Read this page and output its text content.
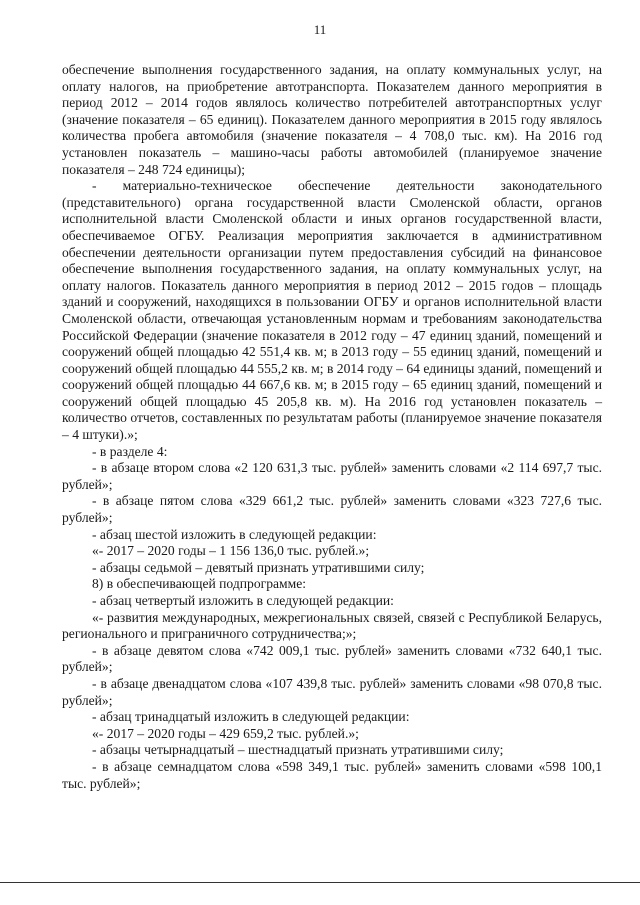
11

обеспечение выполнения государственного задания, на оплату коммунальных услуг, на оплату налогов, на приобретение автотранспорта. Показателем данного мероприятия в период 2012 – 2014 годов являлось количество потребителей автотранспортных услуг (значение показателя – 65 единиц). Показателем данного мероприятия в 2015 году являлось количества пробега автомобиля (значение показателя – 4 708,0 тыс. км). На 2016 год установлен показатель – машино-часы работы автомобилей (планируемое значение показателя – 248 724 единицы);

- материально-техническое обеспечение деятельности законодательного (представительного) органа государственной власти Смоленской области, органов исполнительной власти Смоленской области и иных органов государственной власти, обеспечиваемое ОГБУ. Реализация мероприятия заключается в административном обеспечении деятельности организации путем предоставления субсидий на финансовое обеспечение выполнения государственного задания, на оплату коммунальных услуг, на оплату налогов. Показатель данного мероприятия в период 2012 – 2015 годов – площадь зданий и сооружений, находящихся в пользовании ОГБУ и органов исполнительной власти Смоленской области, отвечающая установленным нормам и требованиям законодательства Российской Федерации (значение показателя в 2012 году – 47 единиц зданий, помещений и сооружений общей площадью 42 551,4 кв. м; в 2013 году – 55 единиц зданий, помещений и сооружений общей площадью 44 555,2 кв. м; в 2014 году – 64 единицы зданий, помещений и сооружений общей площадью 44 667,6 кв. м; в 2015 году – 65 единиц зданий, помещений и сооружений общей площадью 45 205,8 кв. м). На 2016 год установлен показатель – количество отчетов, составленных по результатам работы (планируемое значение показателя – 4 штуки).»;

- в разделе 4:

- в абзаце втором слова «2 120 631,3 тыс. рублей» заменить словами «2 114 697,7 тыс. рублей»;

- в абзаце пятом слова «329 661,2 тыс. рублей» заменить словами «323 727,6 тыс. рублей»;

- абзац шестой изложить в следующей редакции:

«- 2017 – 2020 годы – 1 156 136,0 тыс. рублей.»;

- абзацы седьмой – девятый признать утратившими силу;

8) в обеспечивающей подпрограмме:

- абзац четвертый изложить в следующей редакции:

«- развития международных, межрегиональных связей, связей с Республикой Беларусь, регионального и приграничного сотрудничества;»;

- в абзаце девятом слова «742 009,1 тыс. рублей» заменить словами «732 640,1 тыс. рублей»;

- в абзаце двенадцатом слова «107 439,8 тыс. рублей» заменить словами «98 070,8 тыс. рублей»;

- абзац тринадцатый изложить в следующей редакции:

«- 2017 – 2020 годы – 429 659,2 тыс. рублей.»;

- абзацы четырнадцатый – шестнадцатый признать утратившими силу;

- в абзаце семнадцатом слова «598 349,1 тыс. рублей» заменить словами «598 100,1 тыс. рублей»;
